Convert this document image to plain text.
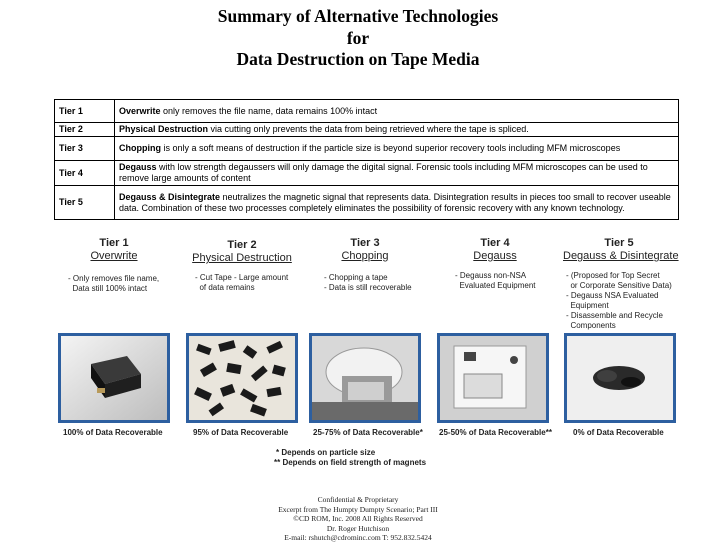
Summary of Alternative Technologies
for
Data Destruction on Tape Media
Tier 1	Overwrite only removes the file name, data remains 100% intact
Tier 2	Physical Destruction via cutting only prevents the data from being retrieved where the tape is spliced.
Tier 3	Chopping is only a soft means of destruction if the particle size is beyond superior recovery tools including MFM microscopes
Tier 4	Degauss with low strength degaussers will only damage the digital signal. Forensic tools including MFM microscopes can be used to remove large amounts of content
Tier 5	Degauss & Disintegrate neutralizes the magnetic signal that represents data. Disintegration results in pieces too small to recover useable data. Combination of these two processes completely eliminates the possibility of forensic recovery with any known technology.
Tier 1
Overwrite
- Only removes file name,
Data still 100% intact
Tier 2
Physical Destruction
- Cut Tape - Large amount
of data remains
Tier 3
Chopping
- Chopping a tape
- Data is still recoverable
Tier 4
Degauss
- Degauss non-NSA
Evaluated Equipment
Tier 5
Degauss & Disintegrate
- (Proposed for Top Secret
or Corporate Sensitive Data)
- Degauss NSA Evaluated
Equipment
- Disassemble and Recycle
Components
100% of Data Recoverable	95% of Data Recoverable	25-75% of Data Recoverable* 25-50% of Data Recoverable**	0% of Data Recoverable
* Depends on particle size
** Depends on field strength of magnets
Confidential & Proprietary
Excerpt from The Humpty Dumpty Scenario; Part III
©CD ROM, Inc. 2008 All Rights Reserved
Dr. Roger Hutchison
E-mail: rshutch@cdrominc.com T: 952.832.5424
